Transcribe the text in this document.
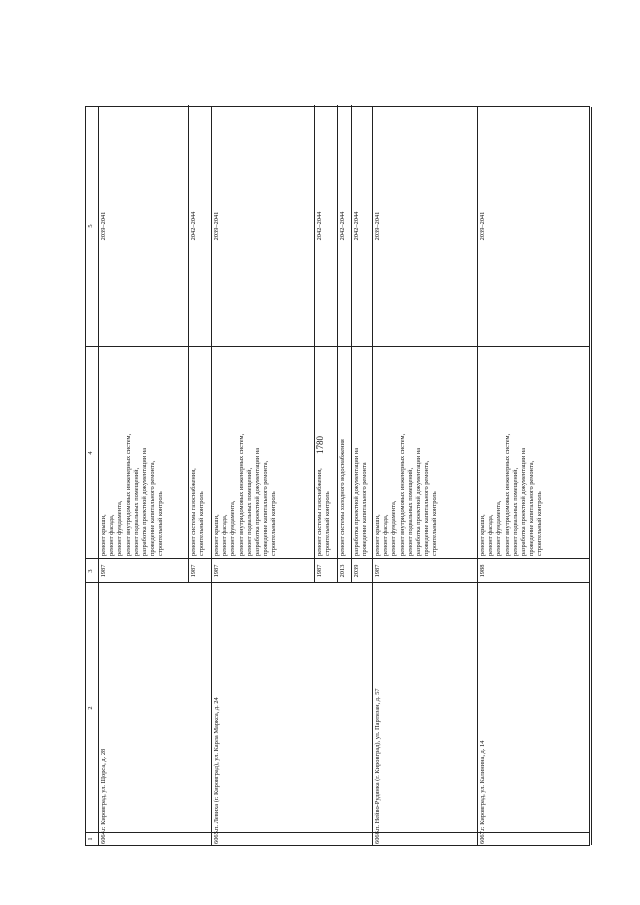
1780
1
2
3
4
5
6064.
г. Кировград, ул. Щорса, д. 28
1987
ремонт крыши,
ремонт фасада,
ремонт фундамента,
ремонт внутридомовых инженерных систем,
ремонт подвальных помещений,
разработка проектной документации на
проведение капитального ремонта,
строительный контроль
2039–2041
1987
ремонт системы газоснабжения,
строительный контроль
2042–2044
6065.
п. Левиха (г. Кировград), ул. Карла Маркса, д. 24
1987
ремонт крыши,
ремонт фасада,
ремонт фундамента,
ремонт внутридомовых инженерных систем,
ремонт подвальных помещений,
разработка проектной документации на
проведение капитального ремонта,
строительный контроль
2039–2041
1987
ремонт системы газоснабжения,
строительный контроль
2042–2044
2013
ремонт системы холодного водоснабжения
2042–2044
2039
разработка проектной документации на
проведение капитального ремонта
2042–2044
6066.
п. Нейво-Рудянка (г. Кировград), ул. Партизан, д. 57
1987
ремонт крыши,
ремонт фасада,
ремонт фундамента,
ремонт внутридомовых инженерных систем,
ремонт подвальных помещений,
разработка проектной документации на
проведение капитального ремонта,
строительный контроль
2039–2041
6067.
г. Кировград, ул. Калинина, д. 14
1988
ремонт крыши,
ремонт фасада,
ремонт фундамента,
ремонт внутридомовых инженерных систем,
ремонт подвальных помещений,
разработка проектной документации на
проведение капитального ремонта,
строительный контроль
2039–2041
